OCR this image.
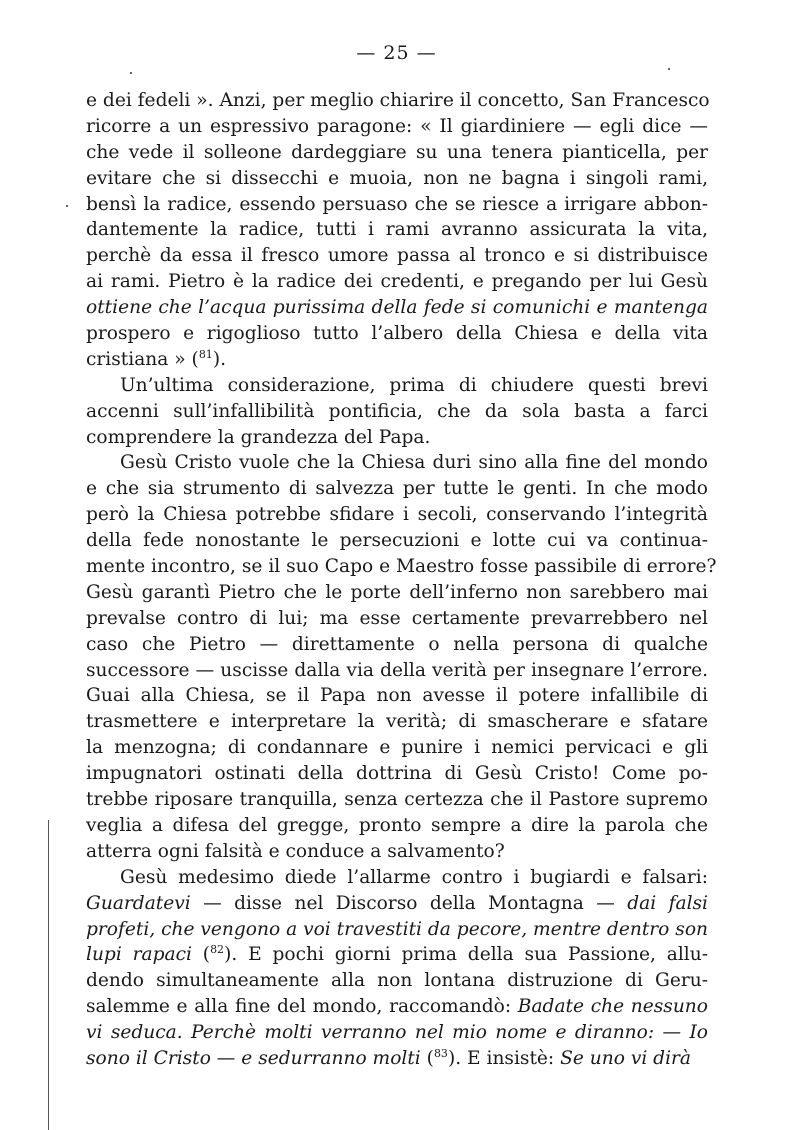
— 25 —
e dei fedeli ». Anzi, per meglio chiarire il concetto, San Francesco
ricorre a un espressivo paragone: « Il giardiniere — egli dice —
che vede il solleone dardeggiare su una tenera pianticella, per
evitare che si dissecchi e muoia, non ne bagna i singoli rami,
bensì la radice, essendo persuaso che se riesce a irrigare abbon-
dantemente la radice, tutti i rami avranno assicurata la vita,
perchè da essa il fresco umore passa al tronco e si distribuisce
ai rami. Pietro è la radice dei credenti, e pregando per lui Gesù
ottiene che l’acqua purissima della fede si comunichi e mantenga
prospero e rigoglioso tutto l’albero della Chiesa e della vita
cristiana » ($^{81}$).
Un’ultima considerazione, prima di chiudere questi brevi
accenni sull’infallibilità pontificia, che da sola basta a farci
comprendere la grandezza del Papa.
Gesù Cristo vuole che la Chiesa duri sino alla fine del mondo
e che sia strumento di salvezza per tutte le genti. In che modo
però la Chiesa potrebbe sfidare i secoli, conservando l’integrità
della fede nonostante le persecuzioni e lotte cui va continua-
mente incontro, se il suo Capo e Maestro fosse passibile di errore?
Gesù garantì Pietro che le porte dell’inferno non sarebbero mai
prevalse contro di lui; ma esse certamente prevarrebbero nel
caso che Pietro — direttamente o nella persona di qualche
successore — uscisse dalla via della verità per insegnare l’errore.
Guai alla Chiesa, se il Papa non avesse il potere infallibile di
trasmettere e interpretare la verità; di smascherare e sfatare
la menzogna; di condannare e punire i nemici pervicaci e gli
impugnatori ostinati della dottrina di Gesù Cristo! Come po-
trebbe riposare tranquilla, senza certezza che il Pastore supremo
veglia a difesa del gregge, pronto sempre a dire la parola che
atterra ogni falsità e conduce a salvamento?
Gesù medesimo diede l’allarme contro i bugiardi e falsari:
Guardatevi — disse nel Discorso della Montagna — dai falsi
profeti, che vengono a voi travestiti da pecore, mentre dentro son
lupi rapaci ($^{82}$). E pochi giorni prima della sua Passione, allu-
dendo simultaneamente alla non lontana distruzione di Geru-
salemme e alla fine del mondo, raccomandò: Badate che nessuno
vi seduca. Perchè molti verranno nel mio nome e diranno: — Io
sono il Cristo — e sedurranno molti ($^{83}$). E insistè: Se uno vi dirà
